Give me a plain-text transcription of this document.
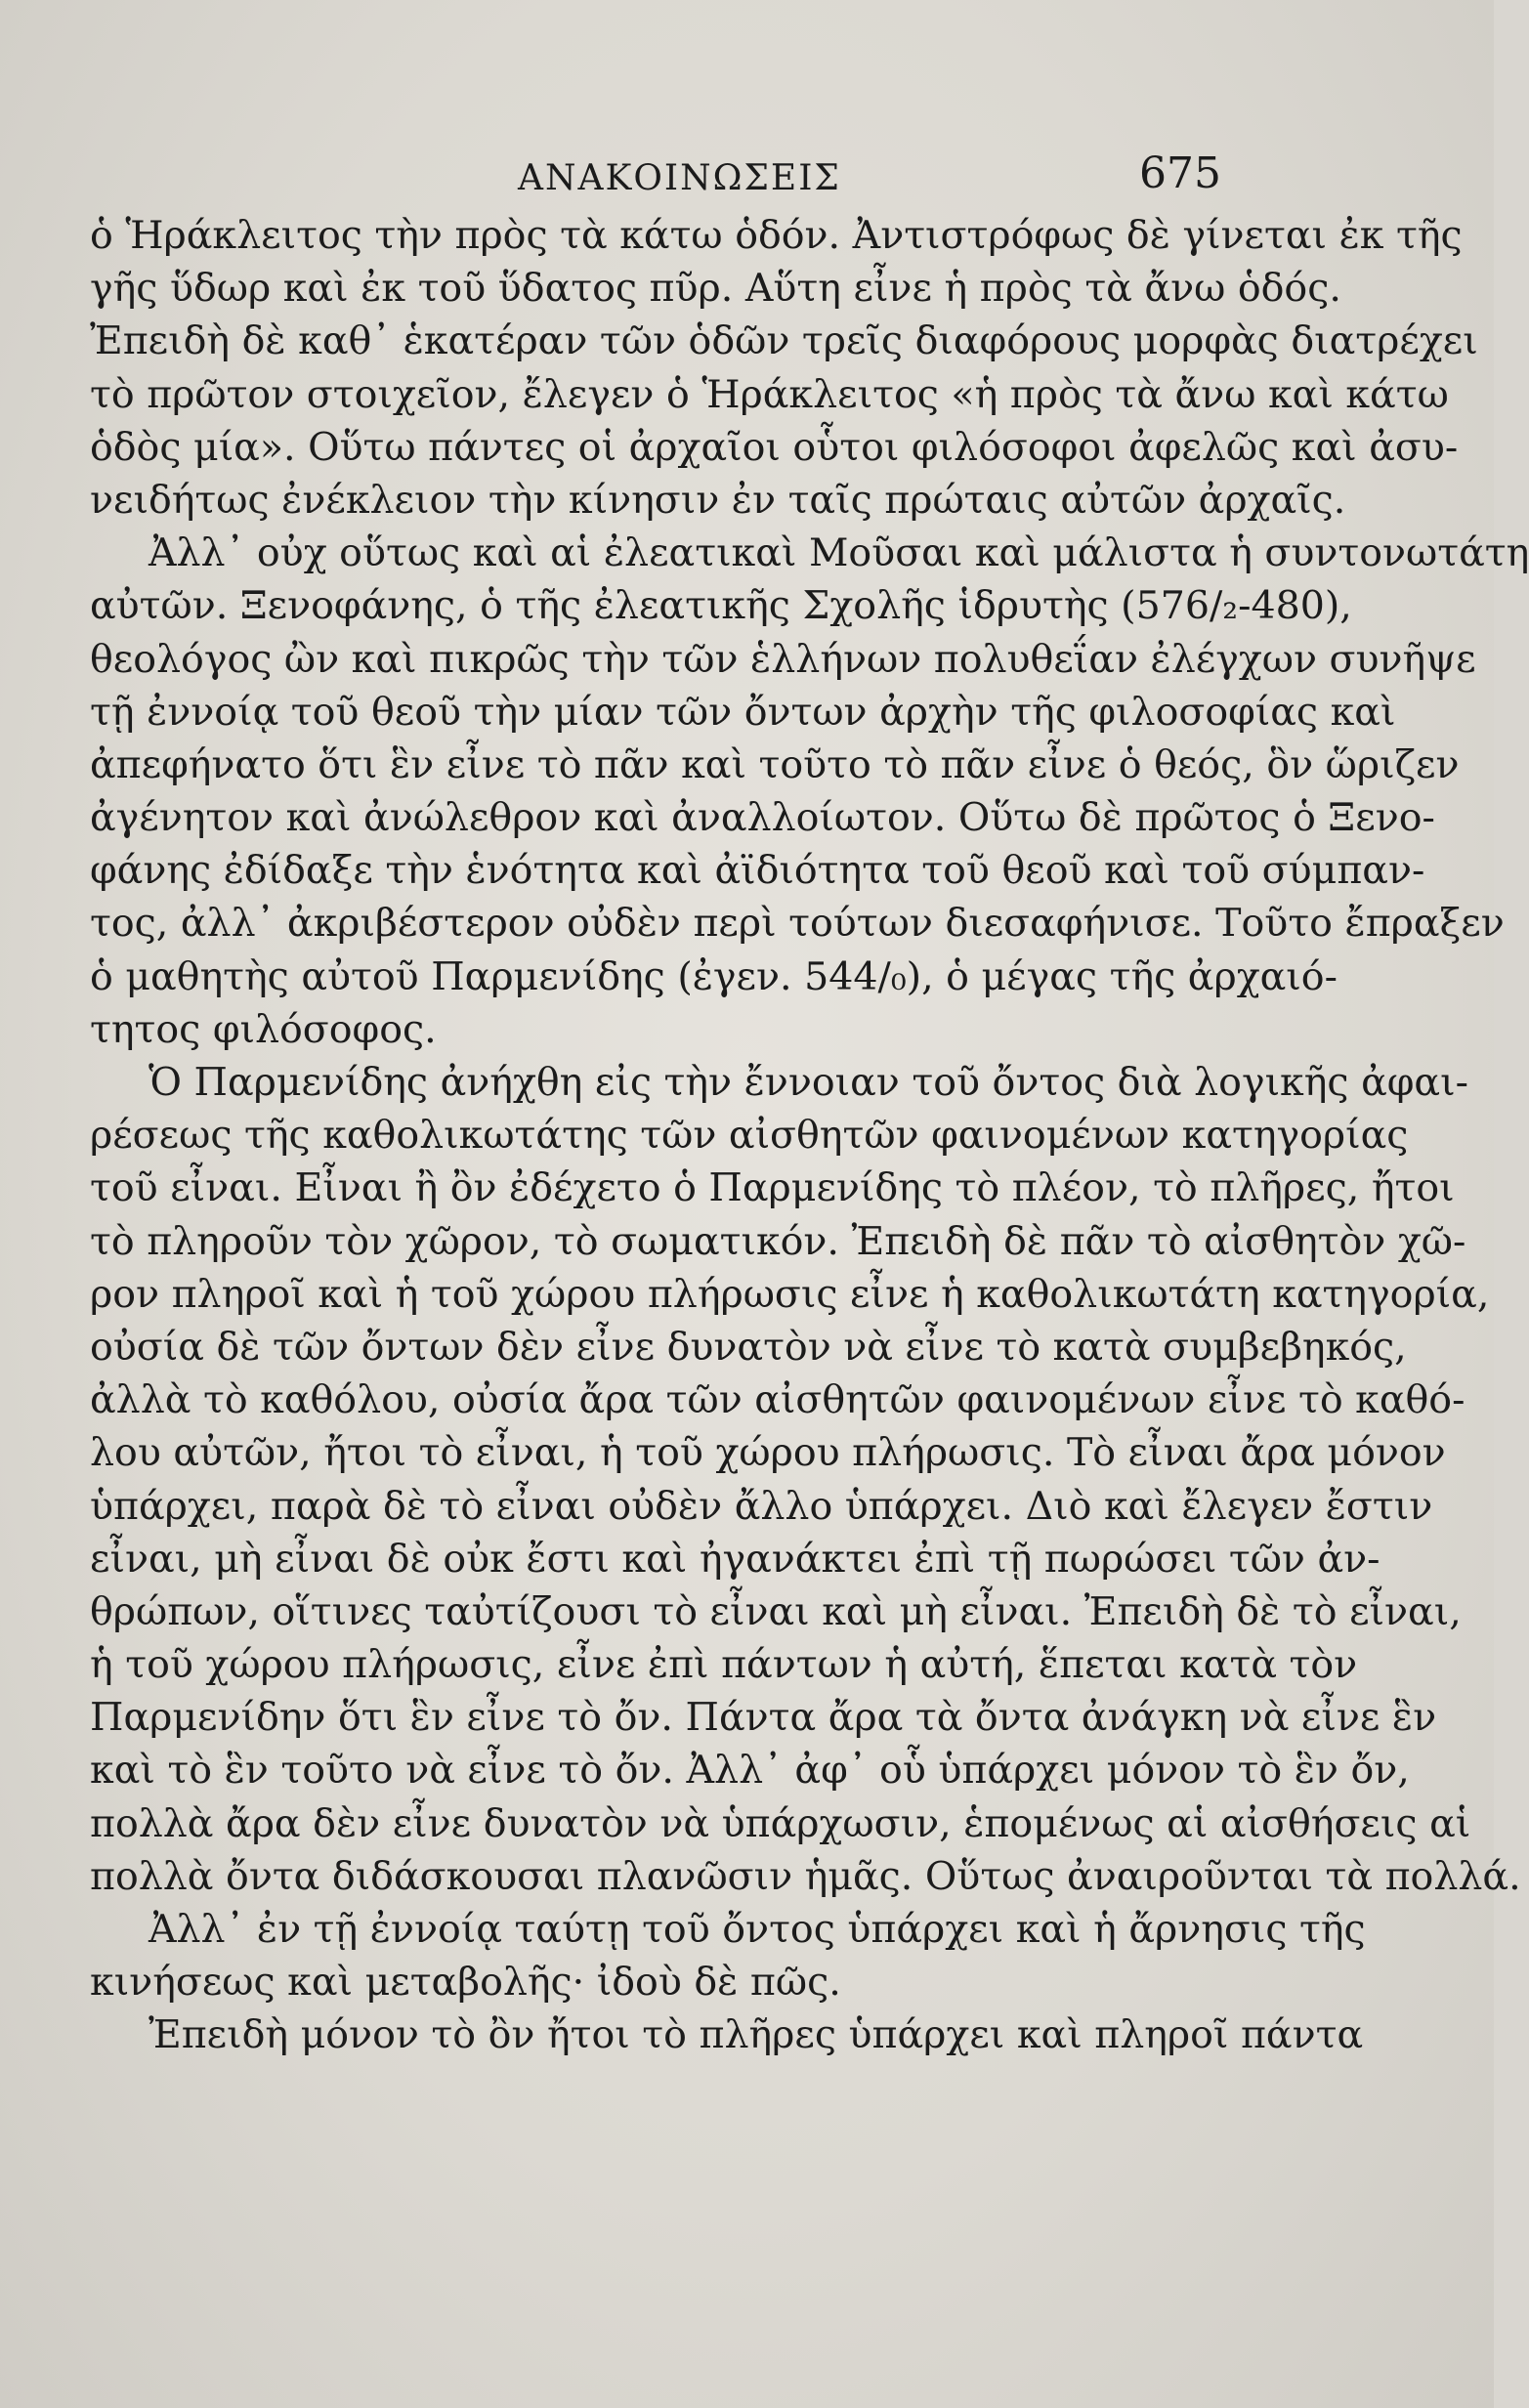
ΑΝΑΚΟΙΝΩΣΕΙΣ	675
ὁ Ἡράκλειτος τὴν πρὸς τὰ κάτω ὁδόν. Ἀντιστρόφως δὲ γίνεται ἐκ τῆς
γῆς ὕδωρ καὶ ἐκ τοῦ ὕδατος πῦρ. Αὕτη εἶνε ἡ πρὸς τὰ ἄνω ὁδός.
Ἐπειδὴ δὲ καθ᾽ ἑκατέραν τῶν ὁδῶν τρεῖς διαφόρους μορφὰς διατρέχει
τὸ πρῶτον στοιχεῖον, ἔλεγεν ὁ Ἡράκλειτος «ἡ πρὸς τὰ ἄνω καὶ κάτω
ὁδὸς μία». Οὕτω πάντες οἱ ἀρχαῖοι οὗτοι φιλόσοφοι ἀφελῶς καὶ ἀσυ-
νειδήτως ἐνέκλειον τὴν κίνησιν ἐν ταῖς πρώταις αὐτῶν ἀρχαῖς.
Ἀλλ᾽ οὐχ οὕτως καὶ αἱ ἐλεατικαὶ Μοῦσαι καὶ μάλιστα ἡ συντονωτάτη
αὐτῶν. Ξενοφάνης, ὁ τῆς ἐλεατικῆς Σχολῆς ἱδρυτὴς (576/₂-480),
θεολόγος ὢν καὶ πικρῶς τὴν τῶν ἑλλήνων πολυθεΐαν ἐλέγχων συνῆψε
τῇ ἐννοίᾳ τοῦ θεοῦ τὴν μίαν τῶν ὄντων ἀρχὴν τῆς φιλοσοφίας καὶ
ἀπεφήνατο ὅτι ἓν εἶνε τὸ πᾶν καὶ τοῦτο τὸ πᾶν εἶνε ὁ θεός, ὃν ὥριζεν
ἀγένητον καὶ ἀνώλεθρον καὶ ἀναλλοίωτον. Οὕτω δὲ πρῶτος ὁ Ξενο-
φάνης ἐδίδαξε τὴν ἑνότητα καὶ ἀϊδιότητα τοῦ θεοῦ καὶ τοῦ σύμπαν-
τος, ἀλλ᾽ ἀκριβέστερον οὐδὲν περὶ τούτων διεσαφήνισε. Τοῦτο ἔπραξεν
ὁ μαθητὴς αὐτοῦ Παρμενίδης (ἐγεν. 544/₀), ὁ μέγας τῆς ἀρχαιό-
τητος φιλόσοφος.
Ὁ Παρμενίδης ἀνήχθη εἰς τὴν ἔννοιαν τοῦ ὄντος διὰ λογικῆς ἀφαι-
ρέσεως τῆς καθολικωτάτης τῶν αἰσθητῶν φαινομένων κατηγορίας
τοῦ εἶναι. Εἶναι ἢ ὂν ἐδέχετο ὁ Παρμενίδης τὸ πλέον, τὸ πλῆρες, ἤτοι
τὸ πληροῦν τὸν χῶρον, τὸ σωματικόν. Ἐπειδὴ δὲ πᾶν τὸ αἰσθητὸν χῶ-
ρον πληροῖ καὶ ἡ τοῦ χώρου πλήρωσις εἶνε ἡ καθολικωτάτη κατηγορία,
οὐσία δὲ τῶν ὄντων δὲν εἶνε δυνατὸν νὰ εἶνε τὸ κατὰ συμβεβηκός,
ἀλλὰ τὸ καθόλου, οὐσία ἄρα τῶν αἰσθητῶν φαινομένων εἶνε τὸ καθό-
λου αὐτῶν, ἤτοι τὸ εἶναι, ἡ τοῦ χώρου πλήρωσις. Τὸ εἶναι ἄρα μόνον
ὑπάρχει, παρὰ δὲ τὸ εἶναι οὐδὲν ἄλλο ὑπάρχει. Διὸ καὶ ἔλεγεν ἔστιν
εἶναι, μὴ εἶναι δὲ οὐκ ἔστι καὶ ἠγανάκτει ἐπὶ τῇ πωρώσει τῶν ἀν-
θρώπων, οἵτινες ταὐτίζουσι τὸ εἶναι καὶ μὴ εἶναι. Ἐπειδὴ δὲ τὸ εἶναι,
ἡ τοῦ χώρου πλήρωσις, εἶνε ἐπὶ πάντων ἡ αὐτή, ἕπεται κατὰ τὸν
Παρμενίδην ὅτι ἓν εἶνε τὸ ὄν. Πάντα ἄρα τὰ ὄντα ἀνάγκη νὰ εἶνε ἓν
καὶ τὸ ἓν τοῦτο νὰ εἶνε τὸ ὄν. Ἀλλ᾽ ἀφ᾽ οὗ ὑπάρχει μόνον τὸ ἓν ὄν,
πολλὰ ἄρα δὲν εἶνε δυνατὸν νὰ ὑπάρχωσιν, ἑπομένως αἱ αἰσθήσεις αἱ
πολλὰ ὄντα διδάσκουσαι πλανῶσιν ἡμᾶς. Οὕτως ἀναιροῦνται τὰ πολλά.
Ἀλλ᾽ ἐν τῇ ἐννοίᾳ ταύτῃ τοῦ ὄντος ὑπάρχει καὶ ἡ ἄρνησις τῆς
κινήσεως καὶ μεταβολῆς· ἰδοὺ δὲ πῶς.
Ἐπειδὴ μόνον τὸ ὂν ἤτοι τὸ πλῆρες ὑπάρχει καὶ πληροῖ πάντα
